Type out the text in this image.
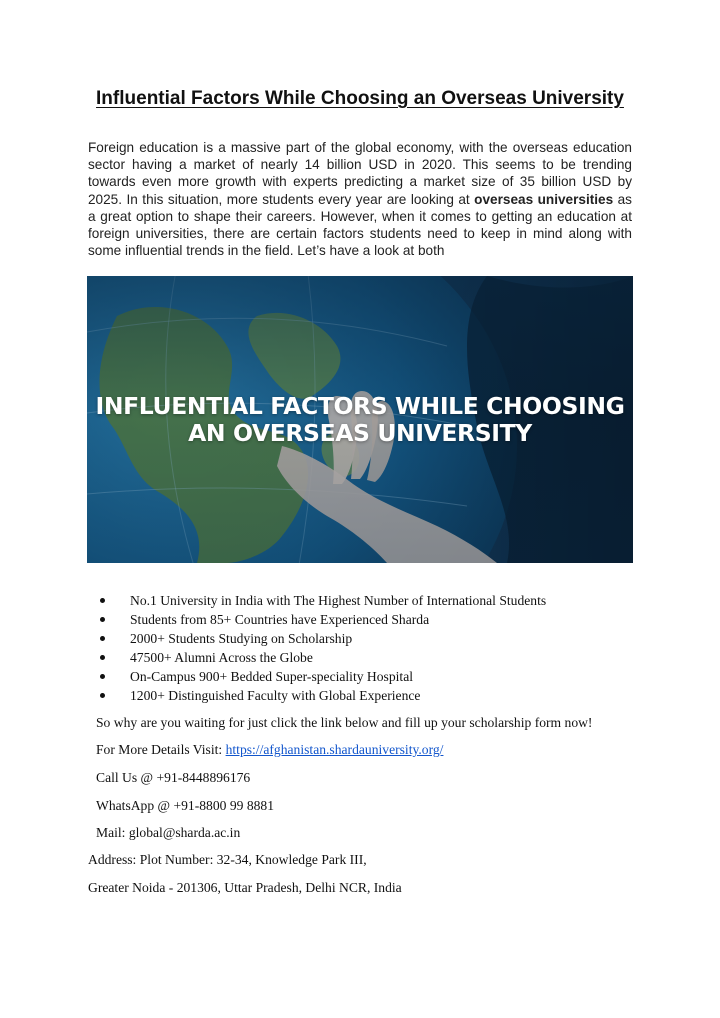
Influential Factors While Choosing an Overseas University

Foreign education is a massive part of the global economy, with the overseas education sector having a market of nearly 14 billion USD in 2020. This seems to be trending towards even more growth with experts predicting a market size of 35 billion USD by 2025. In this situation, more students every year are looking at overseas universities as a great option to shape their careers. However, when it comes to getting an education at foreign universities, there are certain factors students need to keep in mind along with some influential trends in the field. Let’s have a look at both

INFLUENTIAL FACTORS WHILE CHOOSING
AN OVERSEAS UNIVERSITY
No.1 University in India with The Highest Number of International Students
Students from 85+ Countries have Experienced Sharda
2000+ Students Studying on Scholarship
47500+ Alumni Across the Globe
On-Campus 900+ Bedded Super-speciality Hospital
1200+ Distinguished Faculty with Global Experience

So why are you waiting for just click the link below and fill up your scholarship form now!

For More Details Visit: https://afghanistan.shardauniversity.org/

Call Us @ +91-8448896176

WhatsApp @ +91-8800 99 8881

Mail: global@sharda.ac.in

Address: Plot Number: 32-34, Knowledge Park III,

Greater Noida - 201306, Uttar Pradesh, Delhi NCR, India
